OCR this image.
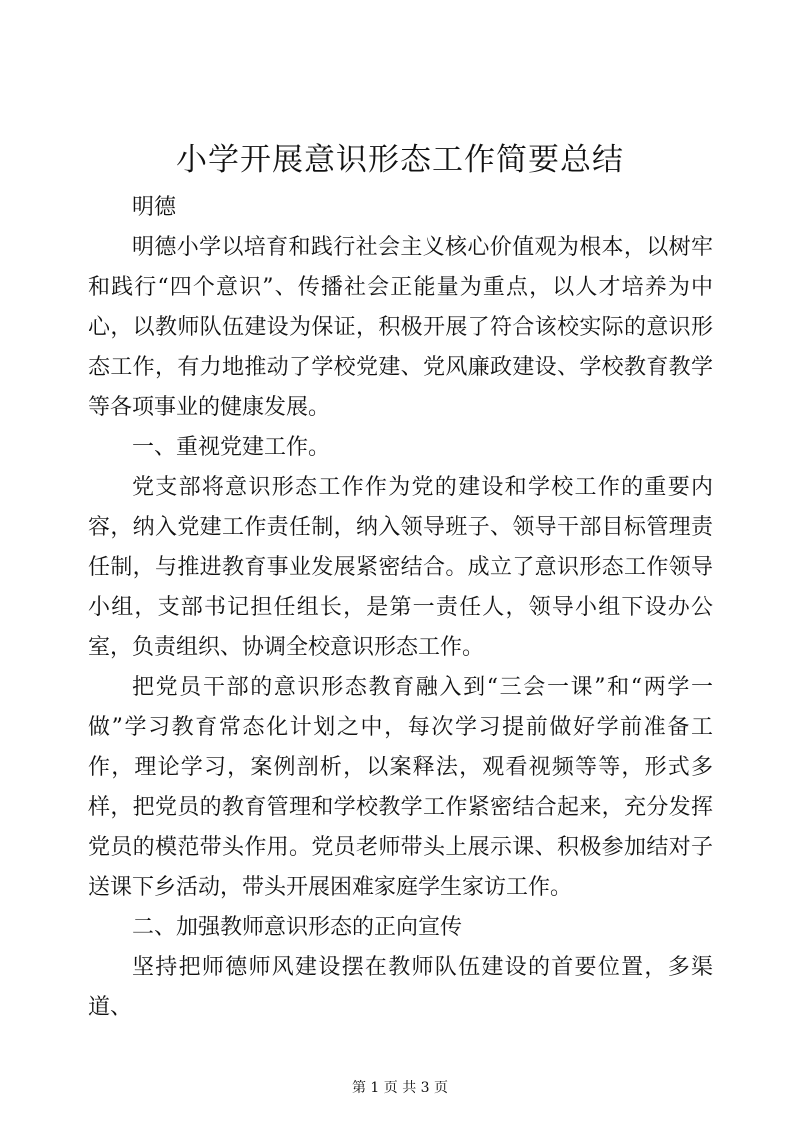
小学开展意识形态工作简要总结

明德

明德小学以培育和践行社会主义核心价值观为根本，以树牢和践行“四个意识”、传播社会正能量为重点，以人才培养为中心，以教师队伍建设为保证，积极开展了符合该校实际的意识形态工作，有力地推动了学校党建、党风廉政建设、学校教育教学等各项事业的健康发展。

一、重视党建工作。

党支部将意识形态工作作为党的建设和学校工作的重要内容，纳入党建工作责任制，纳入领导班子、领导干部目标管理责任制，与推进教育事业发展紧密结合。成立了意识形态工作领导小组，支部书记担任组长，是第一责任人，领导小组下设办公室，负责组织、协调全校意识形态工作。

把党员干部的意识形态教育融入到“三会一课”和“两学一做”学习教育常态化计划之中，每次学习提前做好学前准备工作，理论学习，案例剖析，以案释法，观看视频等等，形式多样，把党员的教育管理和学校教学工作紧密结合起来，充分发挥党员的模范带头作用。党员老师带头上展示课、积极参加结对子送课下乡活动，带头开展困难家庭学生家访工作。

二、加强教师意识形态的正向宣传

坚持把师德师风建设摆在教师队伍建设的首要位置，多渠道、

第 1 页 共 3 页
